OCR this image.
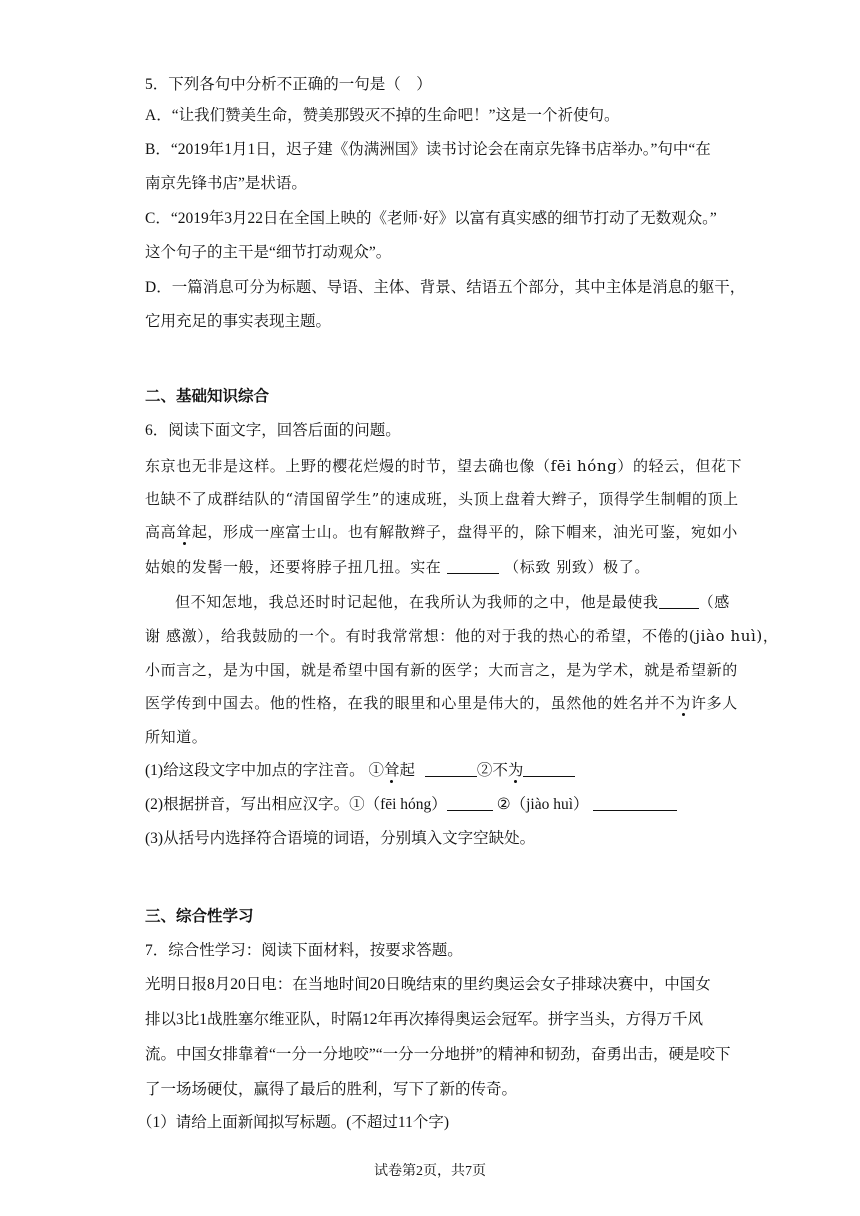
5．下列各句中分析不正确的一句是（　）
A．“让我们赞美生命，赞美那毁灭不掉的生命吧！”这是一个祈使句。
B．“2019年1月1日，迟子建《伪满洲国》读书讨论会在南京先锋书店举办。”句中“在
南京先锋书店”是状语。
C．“2019年3月22日在全国上映的《老师·好》以富有真实感的细节打动了无数观众。”
这个句子的主干是“细节打动观众”。
D．一篇消息可分为标题、导语、主体、背景、结语五个部分，其中主体是消息的躯干，
它用充足的事实表现主题。
二、基础知识综合
6．阅读下面文字，回答后面的问题。
东京也无非是这样。上野的樱花烂熳的时节，望去确也像（fēi hóng）的轻云，但花下
也缺不了成群结队的“清国留学生”的速成班，头顶上盘着大辫子，顶得学生制帽的顶上
高高耸起，形成一座富士山。也有解散辫子，盘得平的，除下帽来，油光可鉴，宛如小
姑娘的发髻一般，还要将脖子扭几扭。实在	（标致 别致）极了。
但不知怎地，我总还时时记起他，在我所认为我师的之中，他是最使我	（感
谢 感激），给我鼓励的一个。有时我常常想：他的对于我的热心的希望，不倦的(jiào huì)，
小而言之，是为中国，就是希望中国有新的医学；大而言之，是为学术，就是希望新的
医学传到中国去。他的性格，在我的眼里和心里是伟大的，虽然他的姓名并不为许多人
所知道。
(1)给这段文字中加点的字注音。 ①耸起	②不为
(2)根据拼音，写出相应汉字。①（fēi hóng）	②（jiào huì）
(3)从括号内选择符合语境的词语，分别填入文字空缺处。
三、综合性学习
7．综合性学习：阅读下面材料，按要求答题。
光明日报8月20日电：在当地时间20日晚结束的里约奥运会女子排球决赛中，中国女
排以3比1战胜塞尔维亚队，时隔12年再次捧得奥运会冠军。拼字当头，方得万千风
流。中国女排靠着“一分一分地咬”“一分一分地拼”的精神和韧劲，奋勇出击，硬是咬下
了一场场硬仗，赢得了最后的胜利，写下了新的传奇。
（1）请给上面新闻拟写标题。(不超过11个字)
试卷第2页，共7页
